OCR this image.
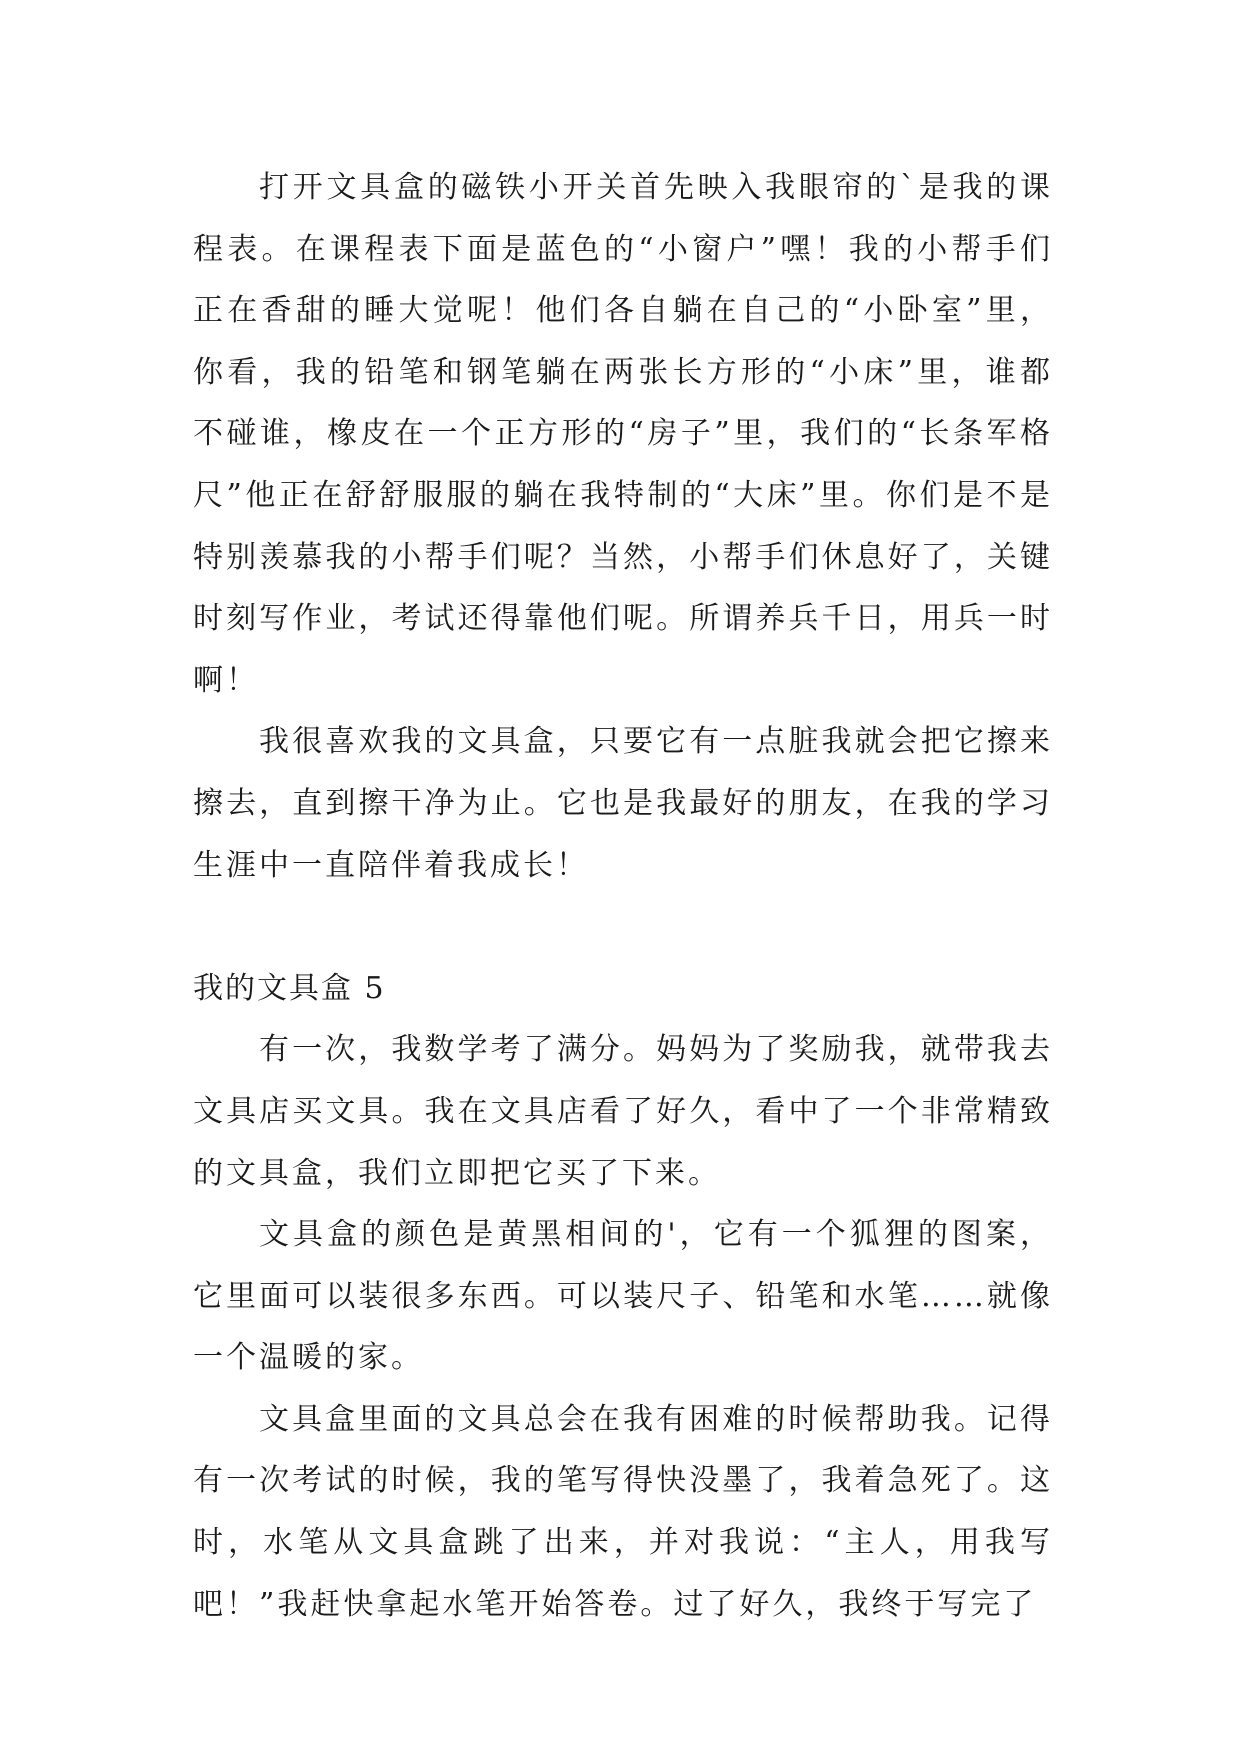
打开文具盒的磁铁小开关首先映入我眼帘的`是我的课程表。在课程表下面是蓝色的“小窗户”嘿！我的小帮手们正在香甜的睡大觉呢！他们各自躺在自己的“小卧室”里，你看，我的铅笔和钢笔躺在两张长方形的“小床”里，谁都不碰谁，橡皮在一个正方形的“房子”里，我们的“长条军格尺”他正在舒舒服服的躺在我特制的“大床”里。你们是不是特别羡慕我的小帮手们呢？当然，小帮手们休息好了，关键时刻写作业，考试还得靠他们呢。所谓养兵千日，用兵一时啊！

我很喜欢我的文具盒，只要它有一点脏我就会把它擦来擦去，直到擦干净为止。它也是我最好的朋友，在我的学习生涯中一直陪伴着我成长！

我的文具盒 5

有一次，我数学考了满分。妈妈为了奖励我，就带我去文具店买文具。我在文具店看了好久，看中了一个非常精致的文具盒，我们立即把它买了下来。

文具盒的颜色是黄黑相间的'，它有一个狐狸的图案，它里面可以装很多东西。可以装尺子、铅笔和水笔……就像一个温暖的家。

文具盒里面的文具总会在我有困难的时候帮助我。记得有一次考试的时候，我的笔写得快没墨了，我着急死了。这时，水笔从文具盒跳了出来，并对我说：“主人，用我写吧！”我赶快拿起水笔开始答卷。过了好久，我终于写完了
